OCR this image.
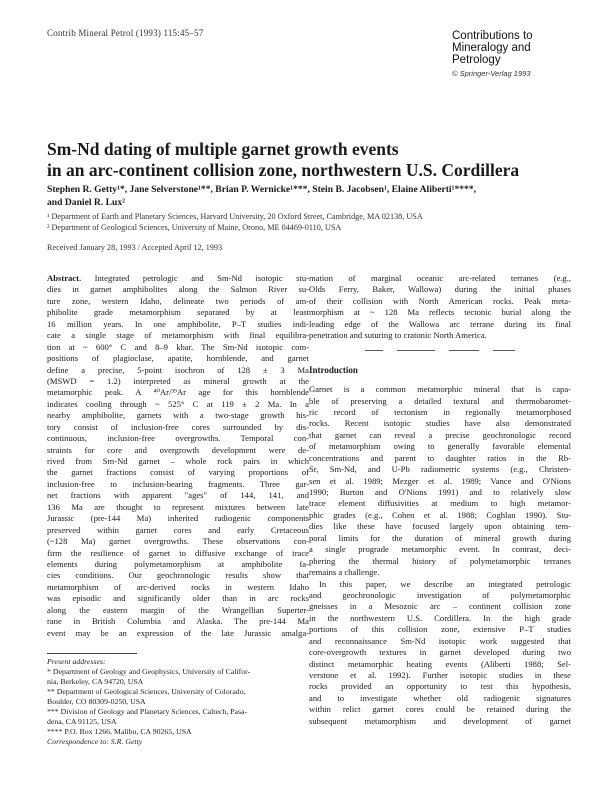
Contrib Mineral Petrol (1993) 115:45–57	Contributions to
Mineralogy and
Petrology
© Springer-Verlag 1993
Sm-Nd dating of multiple garnet growth events
in an arc-continent collision zone, northwestern U.S. Cordillera
Stephen R. Getty¹*, Jane Selverstone¹**, Brian P. Wernicke¹***, Stein B. Jacobsen¹, Elaine Aliberti¹****,
and Daniel R. Lux²
¹ Department of Earth and Planetary Sciences, Harvard University, 20 Oxford Street, Cambridge, MA 02138, USA
² Department of Geological Sciences, University of Maine, Orono, ME 04469-0110, USA
Received January 28, 1993 / Accepted April 12, 1993
Abstract. Integrated petrologic and Sm-Nd isotopic stu-
dies in garnet amphibolites along the Salmon River su-
ture zone, western Idaho, delineate two periods of am-
phibolite grade metamorphism separated by at least
16 million years. In one amphibolite, P–T studies indi-
cate a single stage of metamorphism with final equilibra-
tion at ~ 600° C and 8–9 kbar. The Sm-Nd isotopic com-
positions of plagioclase, apatite, hornblende, and garnet
define a precise, 5-point isochron of 128 ± 3 Ma
(MSWD = 1.2) interpreted as mineral growth at the
metamorphic peak. A ⁴⁰Ar/³⁹Ar age for this hornblende
indicates cooling through ~ 525° C at 119 ± 2 Ma. In a
nearby amphibolite, garnets with a two-stage growth his-
tory consist of inclusion-free cores surrounded by dis-
continuous, inclusion-free overgrowths. Temporal con-
straints for core and overgrowth development were de-
rived from Sm-Nd garnet – whole rock pairs in which
the garnet fractions consist of varying proportions of
inclusion-free to inclusion-bearing fragments. Three gar-
net fractions with apparent "ages" of 144, 141, and
136 Ma are thought to represent mixtures between late
Jurassic (pre-144 Ma) inherited radiogenic components
preserved within garnet cores and early Cretaceous
(~128 Ma) garnet overgrowths. These observations con-
firm the resilience of garnet to diffusive exchange of trace
elements during polymetamorphism at amphibolite fa-
cies conditions. Our geochronologic results show that
metamorphism of arc-derived rocks in western Idaho
was episodic and significantly older than in arc rocks
along the eastern margin of the Wrangellian Superter-
rane in British Columbia and Alaska. The pre-144 Ma
event may be an expression of the late Jurassic amalga-
mation of marginal oceanic arc-related terranes (e.g.,
Olds Ferry, Baker, Wallowa) during the initial phases
of their collision with North American rocks. Peak meta-
morphism at ~ 128 Ma reflects tectonic burial along the
leading edge of the Wallowa arc terrane during its final
penetration and suturing to cratonic North America.
Introduction
Garnet is a common metamorphic mineral that is capa-
ble of preserving a detailed textural and thermobaromet-
ric record of tectonism in regionally metamorphosed
rocks. Recent isotopic studies have also demonstrated
that garnet can reveal a precise geochronologic record
of metamorphism owing to generally favorable elemental
concentrations and parent to daughter ratios in the Rb-
Sr, Sm-Nd, and U-Pb radiometric systems (e.g., Christen-
sen et al. 1989; Mezger et al. 1989; Vance and O'Nions
1990; Burton and O'Nions 1991) and to relatively slow
trace element diffusivities at medium to high metamor-
phic grades (e.g., Cohen et al. 1988; Coghlan 1990). Stu-
dies like these have focused largely upon obtaining tem-
poral limits for the duration of mineral growth during
a single prograde metamorphic event. In contrast, deci-
phering the thermal history of polymetamorphic terranes
remains a challenge.
In this paper, we describe an integrated petrologic
and geochronologic investigation of polymetamorphic
gneisses in a Mesozoic arc – continent collision zone
in the northwestern U.S. Cordillera. In the high grade
portions of this collision zone, extensive P–T studies
and reconnaissance Sm-Nd isotopic work suggested that
core-overgrowth textures in garnet developed during two
distinct metamorphic heating events (Aliberti 1988; Sel-
verstone et al. 1992). Further isotopic studies in these
rocks provided an opportunity to test this hypothesis,
and to investigate whether old radiogenic signatures
within relict garnet cores could be retained during the
subsequent metamorphism and development of garnet
Present addresses:
* Department of Geology and Geophysics, University of Califor-
nia, Berkeley, CA 94720, USA
** Department of Geological Sciences, University of Colorado,
Boulder, CO 80309-0250, USA
*** Division of Geology and Planetary Sciences, Caltech, Pasa-
dena, CA 91125, USA
**** P.O. Box 1266, Malibu, CA 90265, USA
Correspondence to: S.R. Getty
